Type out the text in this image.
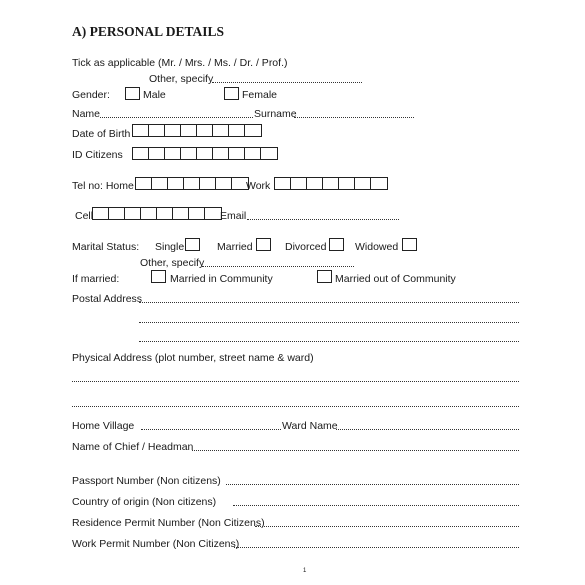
A) PERSONAL DETAILS
Tick as applicable (Mr. / Mrs. / Ms. / Dr. / Prof.)
Other, specify
Gender:	Male	Female
Name	Surname
Date of Birth
ID Citizens
Tel no: Home	Work
Cell	Email
Marital Status: Single	Married	Divorced	Widowed
Other, specify
If married:	Married in Community	Married out of Community
Postal Address
Physical Address (plot number, street name & ward)
Home Village	Ward Name
Name of Chief / Headman
Passport Number (Non citizens)
Country of origin (Non citizens)
Residence Permit Number (Non Citizens)
Work Permit Number (Non Citizens)
1
